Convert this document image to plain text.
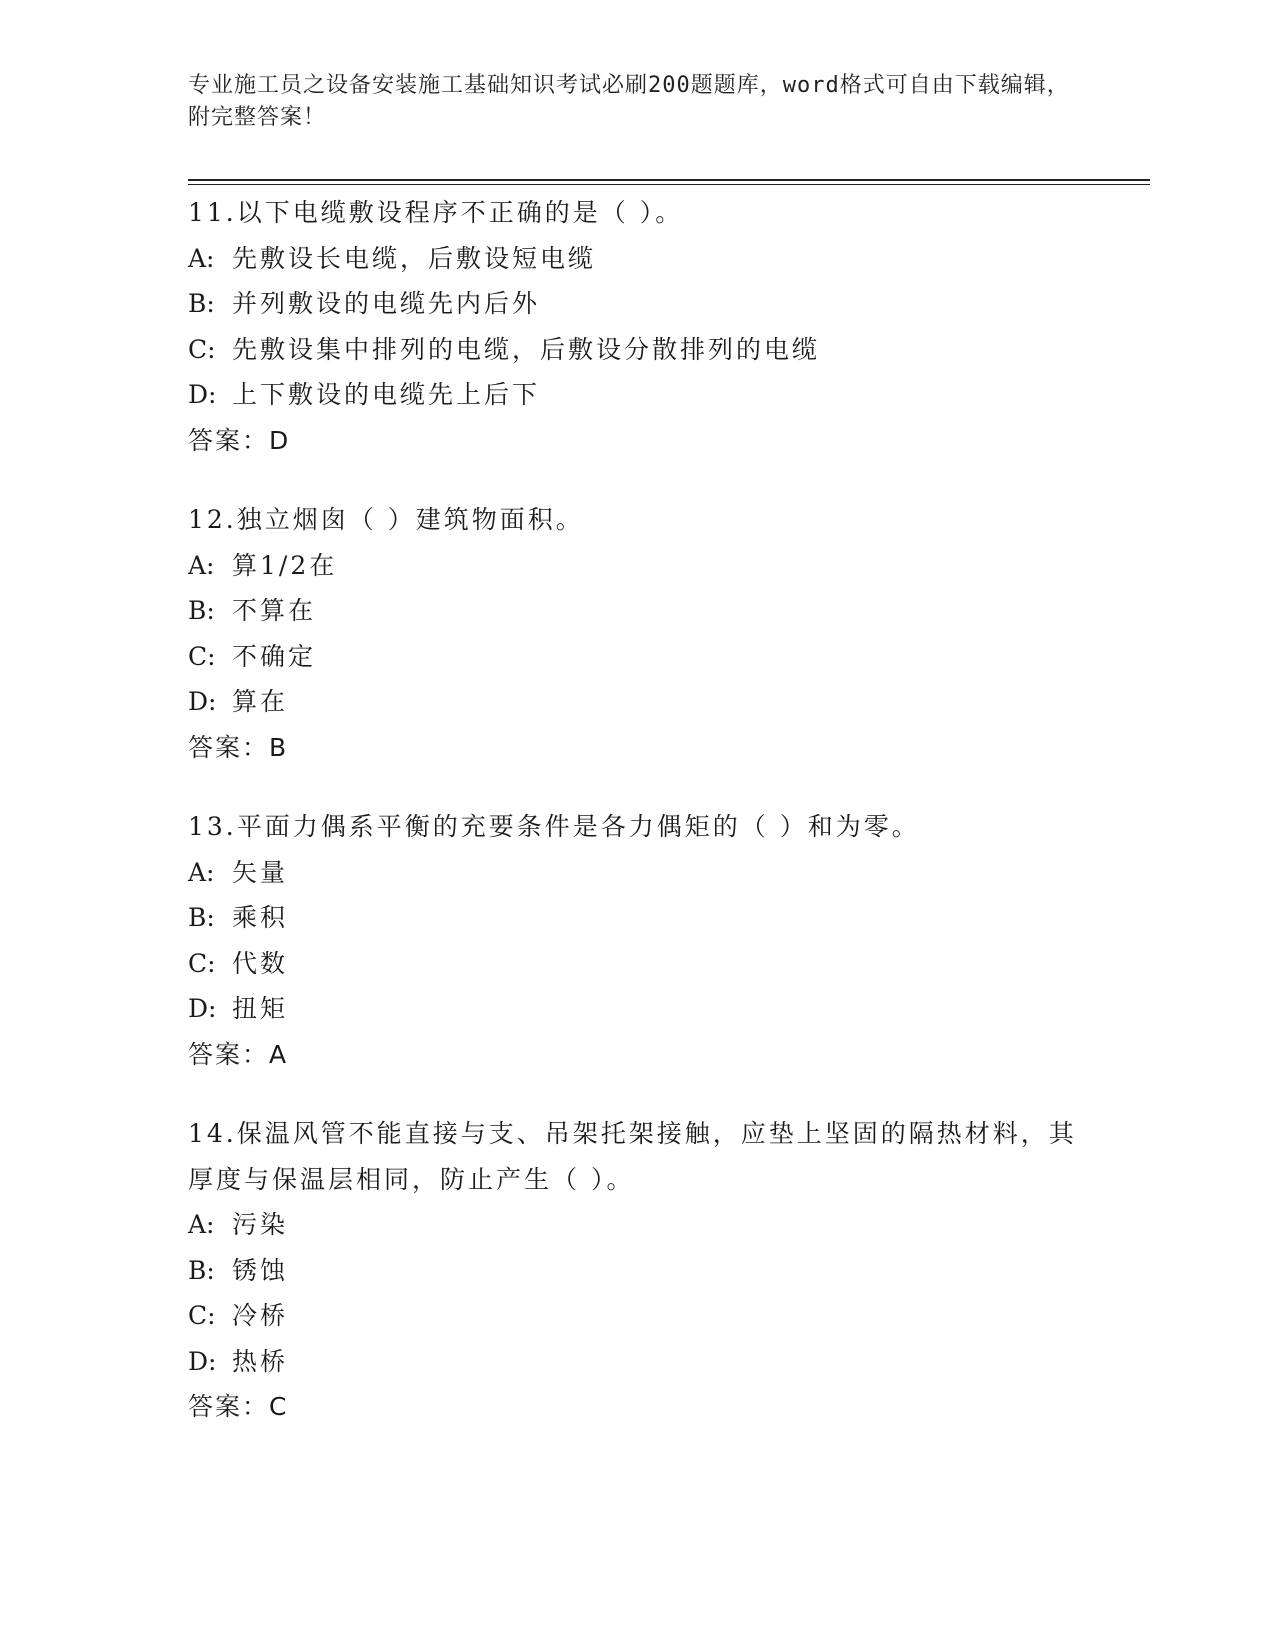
专业施工员之设备安装施工基础知识考试必刷200题题库，word格式可自由下载编辑，附完整答案！
11.以下电缆敷设程序不正确的是（ ）。
A: 先敷设长电缆，后敷设短电缆
B: 并列敷设的电缆先内后外
C: 先敷设集中排列的电缆，后敷设分散排列的电缆
D: 上下敷设的电缆先上后下
答案：D
12.独立烟囱（ ）建筑物面积。
A: 算1/2在
B: 不算在
C: 不确定
D: 算在
答案：B
13.平面力偶系平衡的充要条件是各力偶矩的（ ）和为零。
A: 矢量
B: 乘积
C: 代数
D: 扭矩
答案：A
14.保温风管不能直接与支、吊架托架接触，应垫上坚固的隔热材料，其厚度与保温层相同，防止产生（ ）。
A: 污染
B: 锈蚀
C: 冷桥
D: 热桥
答案：C
